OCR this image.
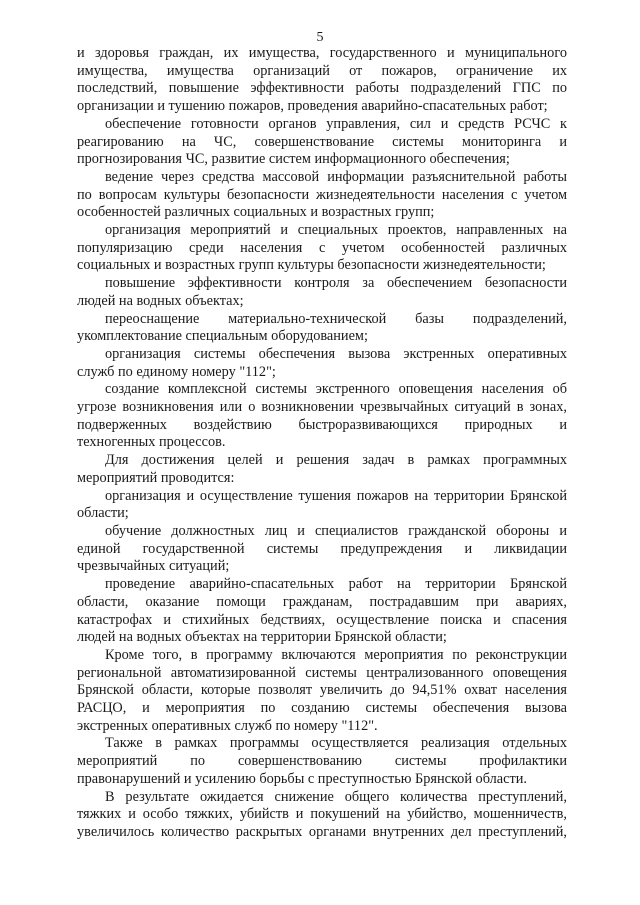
5

и здоровья граждан, их имущества, государственного и муниципального
имущества, имущества организаций от пожаров, ограничение их
последствий, повышение эффективности работы подразделений ГПС по
организации и тушению пожаров, проведения аварийно-спасательных работ;

обеспечение готовности органов управления, сил и средств РСЧС к
реагированию на ЧС, совершенствование системы мониторинга и
прогнозирования ЧС, развитие систем информационного обеспечения;

ведение через средства массовой информации разъяснительной работы
по вопросам культуры безопасности жизнедеятельности населения с учетом
особенностей различных социальных и возрастных групп;

организация мероприятий и специальных проектов, направленных на
популяризацию среди населения с учетом особенностей различных
социальных и возрастных групп культуры безопасности жизнедеятельности;

повышение эффективности контроля за обеспечением безопасности
людей на водных объектах;

переоснащение материально-технической базы подразделений,
укомплектование специальным оборудованием;

организация системы обеспечения вызова экстренных оперативных
служб по единому номеру "112";

создание комплексной системы экстренного оповещения населения об
угрозе возникновения или о возникновении чрезвычайных ситуаций в зонах,
подверженных воздействию быстроразвивающихся природных и
техногенных процессов.

Для достижения целей и решения задач в рамках программных
мероприятий проводится:

организация и осуществление тушения пожаров на территории Брянской
области;

обучение должностных лиц и специалистов гражданской обороны и
единой государственной системы предупреждения и ликвидации
чрезвычайных ситуаций;

проведение аварийно-спасательных работ на территории Брянской
области, оказание помощи гражданам, пострадавшим при авариях,
катастрофах и стихийных бедствиях, осуществление поиска и спасения
людей на водных объектах на территории Брянской области;

Кроме того, в программу включаются мероприятия по реконструкции
региональной автоматизированной системы централизованного оповещения
Брянской области, которые позволят увеличить до 94,51% охват населения
РАСЦО, и мероприятия по созданию системы обеспечения вызова
экстренных оперативных служб по номеру "112".

Также в рамках программы осуществляется реализация отдельных
мероприятий по совершенствованию системы профилактики
правонарушений и усилению борьбы с преступностью Брянской области.

В результате ожидается снижение общего количества преступлений,
тяжких и особо тяжких, убийств и покушений на убийство, мошенничеств,
увеличилось количество раскрытых органами внутренних дел преступлений,
